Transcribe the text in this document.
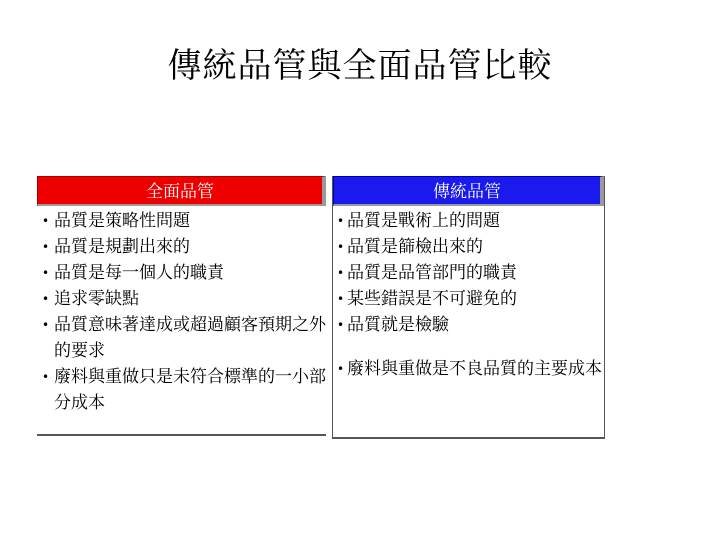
傳統品管與全面品管比較
全面品管
• 品質是策略性問題
• 品質是規劃出來的
• 品質是每一個人的職責
• 追求零缺點
• 品質意味著達成或超過顧客預期之外的要求
• 廢料與重做只是未符合標準的一小部分成本
傳統品管
• 品質是戰術上的問題
• 品質是篩檢出來的
• 品質是品管部門的職責
• 某些錯誤是不可避免的
• 品質就是檢驗
• 廢料與重做是不良品質的主要成本
